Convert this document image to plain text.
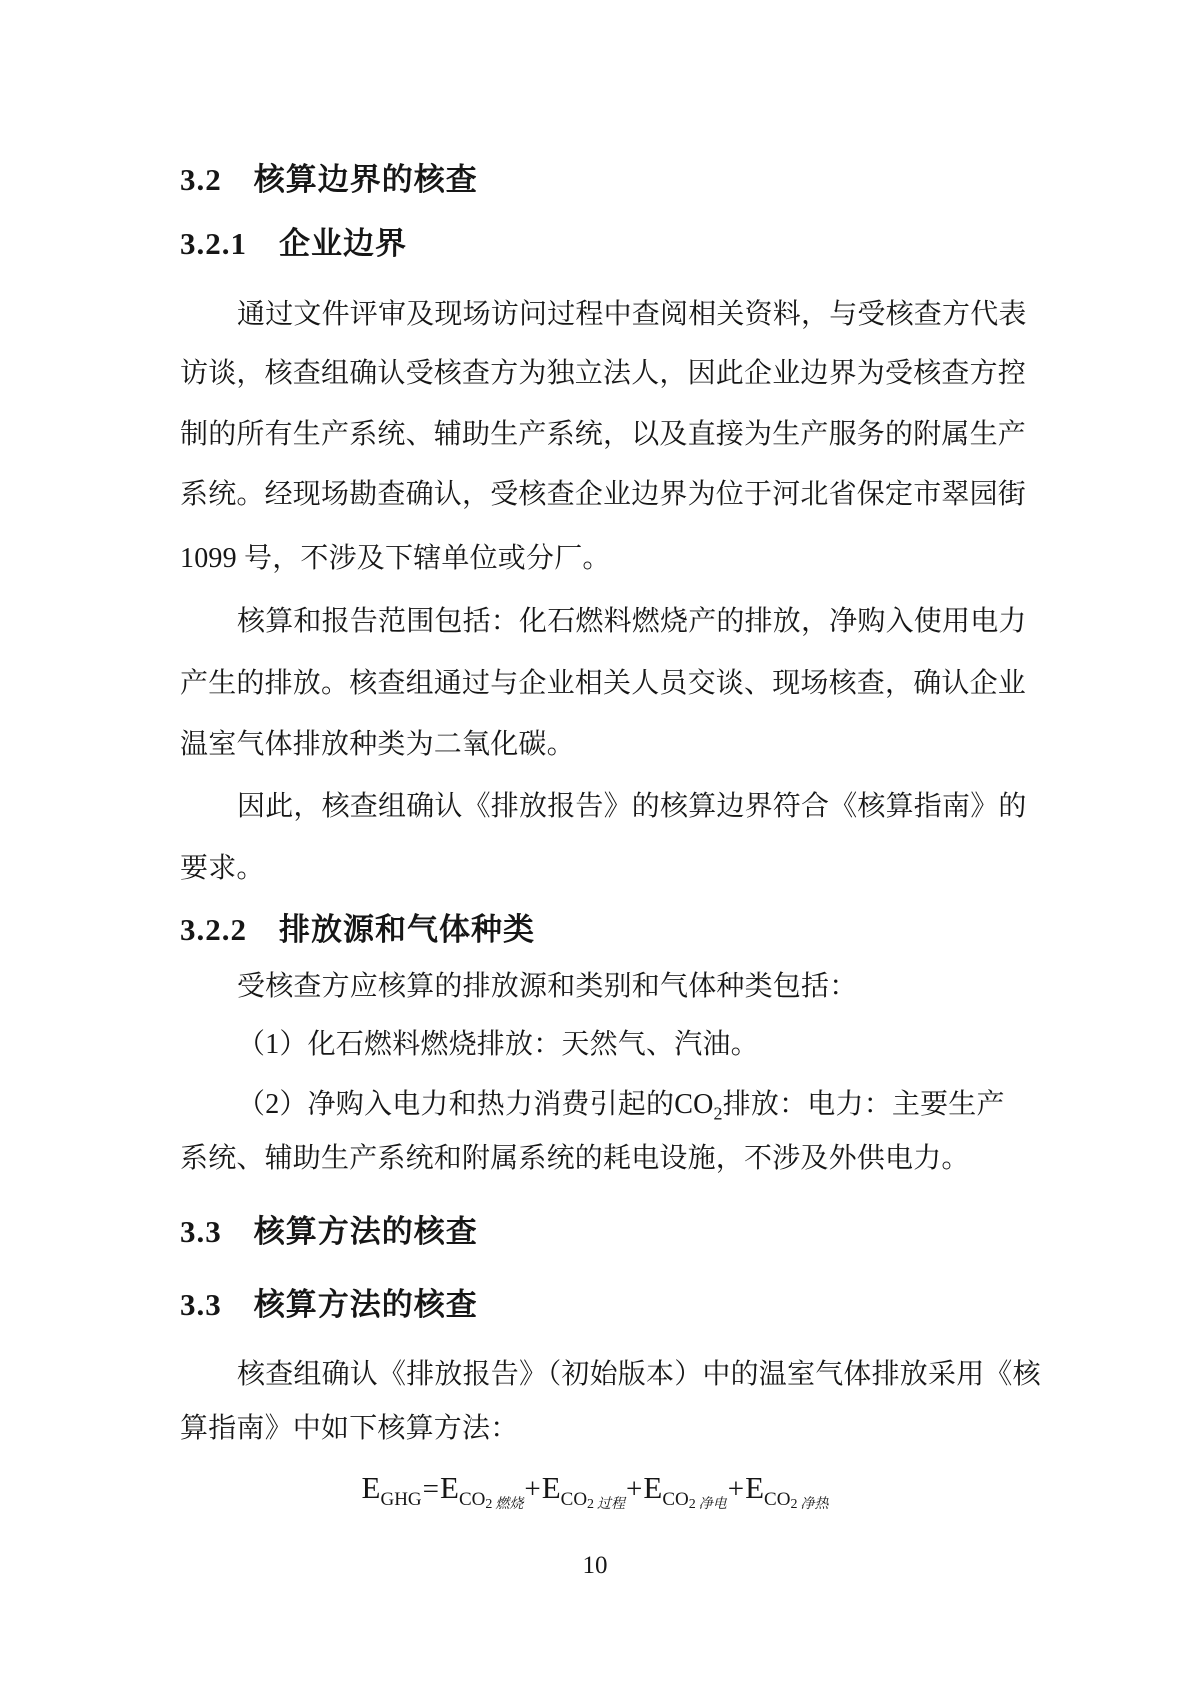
3.2　核算边界的核查
3.2.1　企业边界
通过文件评审及现场访问过程中查阅相关资料，与受核查方代表
访谈，核查组确认受核查方为独立法人，因此企业边界为受核查方控
制的所有生产系统、辅助生产系统，以及直接为生产服务的附属生产
系统。经现场勘查确认，受核查企业边界为位于河北省保定市翠园街
1099 号，不涉及下辖单位或分厂。
核算和报告范围包括：化石燃料燃烧产的排放，净购入使用电力
产生的排放。核查组通过与企业相关人员交谈、现场核查，确认企业
温室气体排放种类为二氧化碳。
因此，核查组确认《排放报告》的核算边界符合《核算指南》的
要求。
3.2.2　排放源和气体种类
受核查方应核算的排放源和类别和气体种类包括：
（1）化石燃料燃烧排放：天然气、汽油。
（2）净购入电力和热力消费引起的$CO_2$排放：电力：主要生产
系统、辅助生产系统和附属系统的耗电设施，不涉及外供电力。
3.3　核算方法的核查
3.3　核算方法的核查
核查组确认《排放报告》（初始版本）中的温室气体排放采用《核
算指南》中如下核算方法：
EGHG=ECO2 燃烧+ECO2 过程+ECO2 净电+ECO2 净热
10
